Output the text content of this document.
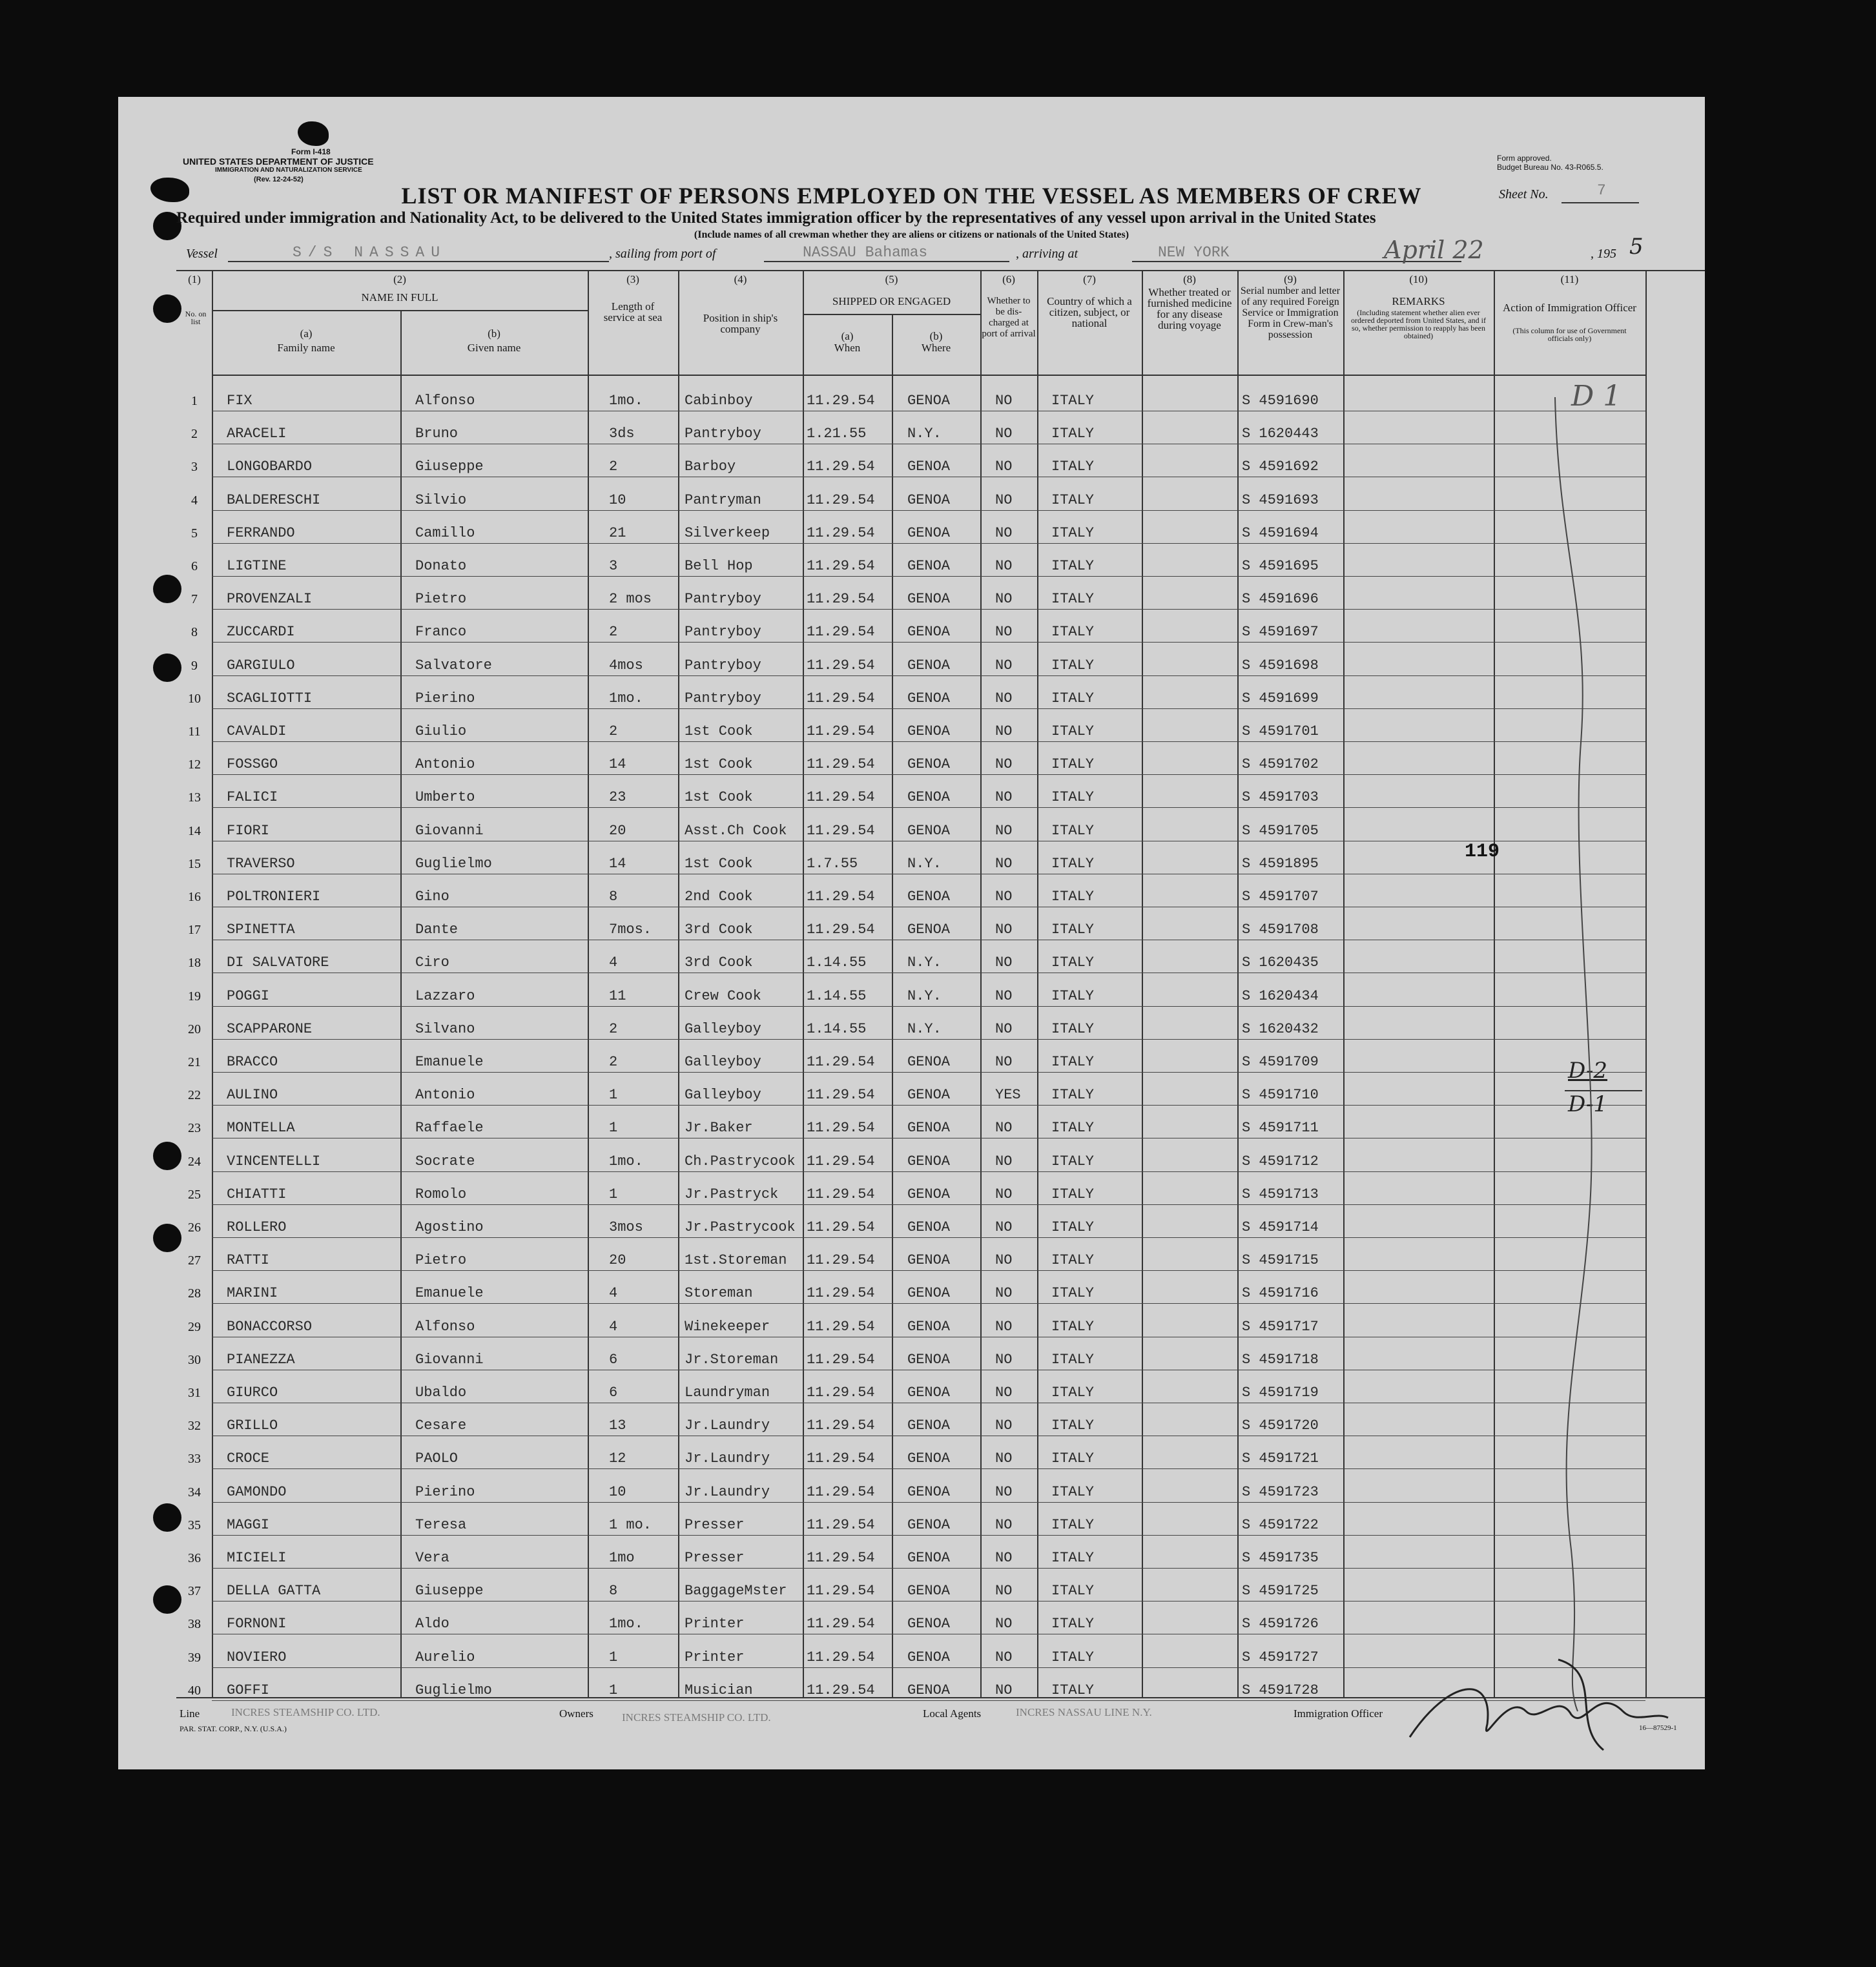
Form I-418
UNITED STATES DEPARTMENT OF JUSTICE
IMMIGRATION AND NATURALIZATION SERVICE
(Rev. 12-24-52)
Form approved.
Budget Bureau No. 43-R065.5.
LIST OR MANIFEST OF PERSONS EMPLOYED ON THE VESSEL AS MEMBERS OF CREW	Sheet No.	7
Required under immigration and Nationality Act, to be delivered to the United States immigration officer by the representatives of any vessel upon arrival in the United States
(Include names of all crewman whether they are aliens or citizens or nationals of the United States)
Vessel	S/S NASSAU	, sailing from port of	NASSAU Bahamas	, arriving at	NEW YORK	April 22	, 195 5
(1)
No. on list
(2)
NAME IN FULL
(a)
Family name
(b)
Given name
(3)
Length of service at sea
(4)
Position in ship's company
(5)
SHIPPED OR ENGAGED
(a)
When
(b)
Where
(6)
Whether to be dis-charged at port of arrival
(7)
Country of which a citizen, subject, or national
(8)
Whether treated or furnished medicine for any disease during voyage
(9)
Serial number and letter of any required Foreign Service or Immigration Form in Crew-man's possession
(10)
REMARKS
(Including statement whether alien ever ordered deported from United States, and if so, whether permission to reapply has been obtained)
(11)
Action of Immigration Officer
(This column for use of Government officials only)
1	FIX	Alfonso	1mo.	Cabinboy	11.29.54 GENOA	NO	ITALY	S 4591690
2	ARACELI	Bruno	3ds	Pantryboy	1.21.55	N.Y.	NO	ITALY	S 1620443
3	LONGOBARDO	Giuseppe	2	Barboy	11.29.54 GENOA	NO	ITALY	S 4591692
4	BALDERESCHI	Silvio	10	Pantryman	11.29.54 GENOA	NO	ITALY	S 4591693
5	FERRANDO	Camillo	21	Silverkeep	11.29.54 GENOA	NO	ITALY	S 4591694
6	LIGTINE	Donato	3	Bell Hop	11.29.54 GENOA	NO	ITALY	S 4591695
7	PROVENZALI	Pietro	2 mos Pantryboy	11.29.54 GENOA	NO	ITALY	S 4591696
8	ZUCCARDI	Franco	2	Pantryboy	11.29.54 GENOA	NO	ITALY	S 4591697
9	GARGIULO	Salvatore	4mos	Pantryboy	11.29.54 GENOA	NO	ITALY	S 4591698
10	SCAGLIOTTI	Pierino	1mo.	Pantryboy	11.29.54 GENOA	NO	ITALY	S 4591699
11	CAVALDI	Giulio	2	1st Cook	11.29.54 GENOA	NO	ITALY	S 4591701
12	FOSSGO	Antonio	14	1st Cook	11.29.54 GENOA	NO	ITALY	S 4591702
13	FALICI	Umberto	23	1st Cook	11.29.54 GENOA	NO	ITALY	S 4591703
14	FIORI	Giovanni	20	Asst.Ch Cook 11.29.54 GENOA	NO	ITALY	S 4591705
15	TRAVERSO	Guglielmo	14	1st Cook	1.7.55	N.Y.	NO	ITALY	S 4591895
16	POLTRONIERI	Gino	8	2nd Cook	11.29.54 GENOA	NO	ITALY	S 4591707
17	SPINETTA	Dante	7mos. 3rd Cook	11.29.54 GENOA	NO	ITALY	S 4591708
18	DI SALVATORE	Ciro	4	3rd Cook	1.14.55	N.Y.	NO	ITALY	S 1620435
19	POGGI	Lazzaro	11	Crew Cook	1.14.55	N.Y.	NO	ITALY	S 1620434
20	SCAPPARONE	Silvano	2	Galleyboy	1.14.55	N.Y.	NO	ITALY	S 1620432
21	BRACCO	Emanuele	2	Galleyboy	11.29.54 GENOA	NO	ITALY	S 4591709
22	AULINO	Antonio	1	Galleyboy	11.29.54 GENOA	YES ITALY	S 4591710
23	MONTELLA	Raffaele	1	Jr.Baker	11.29.54 GENOA	NO	ITALY	S 4591711
24	VINCENTELLI	Socrate	1mo.	Ch.Pastrycook 11.29.54 GENOA	NO	ITALY	S 4591712
25	CHIATTI	Romolo	1	Jr.Pastryck 11.29.54 GENOA	NO	ITALY	S 4591713
26	ROLLERO	Agostino	3mos	Jr.Pastrycook 11.29.54 GENOA	NO	ITALY	S 4591714
27	RATTI	Pietro	20	1st.Storeman 11.29.54 GENOA	NO	ITALY	S 4591715
28	MARINI	Emanuele	4	Storeman	11.29.54 GENOA	NO	ITALY	S 4591716
29	BONACCORSO	Alfonso	4	Winekeeper	11.29.54 GENOA	NO	ITALY	S 4591717
30	PIANEZZA	Giovanni	6	Jr.Storeman 11.29.54 GENOA	NO	ITALY	S 4591718
31	GIURCO	Ubaldo	6	Laundryman	11.29.54 GENOA	NO	ITALY	S 4591719
32	GRILLO	Cesare	13	Jr.Laundry	11.29.54 GENOA	NO	ITALY	S 4591720
33	CROCE	PAOLO	12	Jr.Laundry	11.29.54 GENOA	NO	ITALY	S 4591721
34	GAMONDO	Pierino	10	Jr.Laundry	11.29.54 GENOA	NO	ITALY	S 4591723
35	MAGGI	Teresa	1 mo. Presser	11.29.54 GENOA	NO	ITALY	S 4591722
36	MICIELI	Vera	1mo	Presser	11.29.54 GENOA	NO	ITALY	S 4591735
37	DELLA GATTA	Giuseppe	8	BaggageMster 11.29.54 GENOA	NO	ITALY	S 4591725
38	FORNONI	Aldo	1mo.	Printer	11.29.54 GENOA	NO	ITALY	S 4591726
39	NOVIERO	Aurelio	1	Printer	11.29.54 GENOA	NO	ITALY	S 4591727
40	GOFFI	Guglielmo	1	Musician	11.29.54 GENOA	NO	ITALY	S 4591728
119
D 1
D-2
D-1
Line	INCRES STEAMSHIP CO. LTD.
PAR. STAT. CORP., N.Y. (U.S.A.)
Owners	INCRES STEAMSHIP CO. LTD.	Local Agents	INCRES NASSAU LINE N.Y.	Immigration Officer
16—87529-1
